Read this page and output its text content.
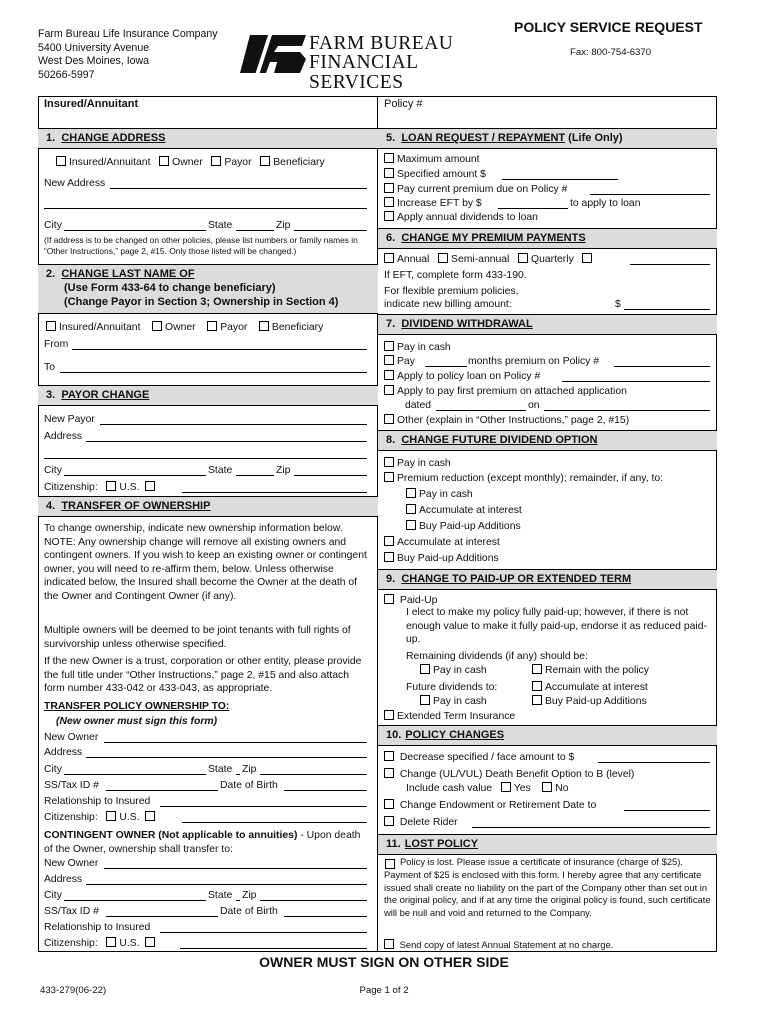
Farm Bureau Life Insurance Company
5400 University Avenue
West Des Moines, Iowa
50266-5997
FARM BUREAU
FINANCIAL SERVICES
POLICY SERVICE REQUEST
Fax: 800-754-6370
Insured/Annuitant	Policy #
1. CHANGE ADDRESS
Insured/Annuitant Owner Payor Beneficiary
New Address
City	State	Zip
(If address is to be changed on other policies, please list numbers or family names in “Other Instructions,” page 2, #15. Only those listed will be changed.)
2. CHANGE LAST NAME OF
(Use Form 433-64 to change beneficiary)
(Change Payor in Section 3; Ownership in Section 4)
Insured/Annuitant Owner Payor Beneficiary
From
To
3. PAYOR CHANGE
New Payor
Address
City	State	Zip
Citizenship: U.S.
4. TRANSFER OF OWNERSHIP
To change ownership, indicate new ownership information below. NOTE: Any ownership change will remove all existing owners and contingent owners. If you wish to keep an existing owner or contingent owner, you will need to re-affirm them, below. Unless otherwise indicated below, the Insured shall become the Owner at the death of the Owner and Contingent Owner (if any).
Multiple owners will be deemed to be joint tenants with full rights of survivorship unless otherwise specified.
If the new Owner is a trust, corporation or other entity, please provide the full title under “Other Instructions,” page 2, #15 and also attach form number 433-042 or 433-043, as appropriate.
TRANSFER POLICY OWNERSHIP TO:
(New owner must sign this form)
New Owner
Address
City	State Zip
SS/Tax ID #	Date of Birth
Relationship to Insured
Citizenship: U.S.
CONTINGENT OWNER (Not applicable to annuities) - Upon death of the Owner, ownership shall transfer to:
New Owner
Address
City	State Zip
SS/Tax ID #	Date of Birth
Relationship to Insured
Citizenship: U.S.
5. LOAN REQUEST / REPAYMENT (Life Only)
Maximum amount
Specified amount $
Pay current premium due on Policy #
Increase EFT by $	to apply to loan
Apply annual dividends to loan
6. CHANGE MY PREMIUM PAYMENTS
Annual Semi-annual Quarterly
If EFT, complete form 433-190.
For flexible premium policies,
indicate new billing amount:	$
7. DIVIDEND WITHDRAWAL
Pay in cash
Pay	months premium on Policy #
Apply to policy loan on Policy #
Apply to pay first premium on attached application
dated	on
Other (explain in “Other Instructions,” page 2, #15)
8. CHANGE FUTURE DIVIDEND OPTION
Pay in cash
Premium reduction (except monthly); remainder, if any, to:
Pay in cash
Accumulate at interest
Buy Paid-up Additions
Accumulate at interest
Buy Paid-up Additions
9. CHANGE TO PAID-UP OR EXTENDED TERM
Paid-Up
I elect to make my policy fully paid-up; however, if there is not enough value to make it fully paid-up, endorse it as reduced paid-up.
Remaining dividends (if any) should be:
Pay in cash	Remain with the policy
Future dividends to:	Accumulate at interest
Pay in cash	Buy Paid-up Additions
Extended Term Insurance
10. POLICY CHANGES
Decrease specified / face amount to $
Change (UL/VUL) Death Benefit Option to B (level)
Include cash value Yes No
Change Endowment or Retirement Date to
Delete Rider
11. LOST POLICY
Policy is lost. Please issue a certificate of insurance (charge of $25). Payment of $25 is enclosed with this form. I hereby agree that any certificate issued shall create no liability on the part of the Company other than set out in the original policy, and if at any time the original policy is found, such certificate will be null and void and returned to the Company.
Send copy of latest Annual Statement at no charge.
OWNER MUST SIGN ON OTHER SIDE
433-279(06-22)	Page 1 of 2
